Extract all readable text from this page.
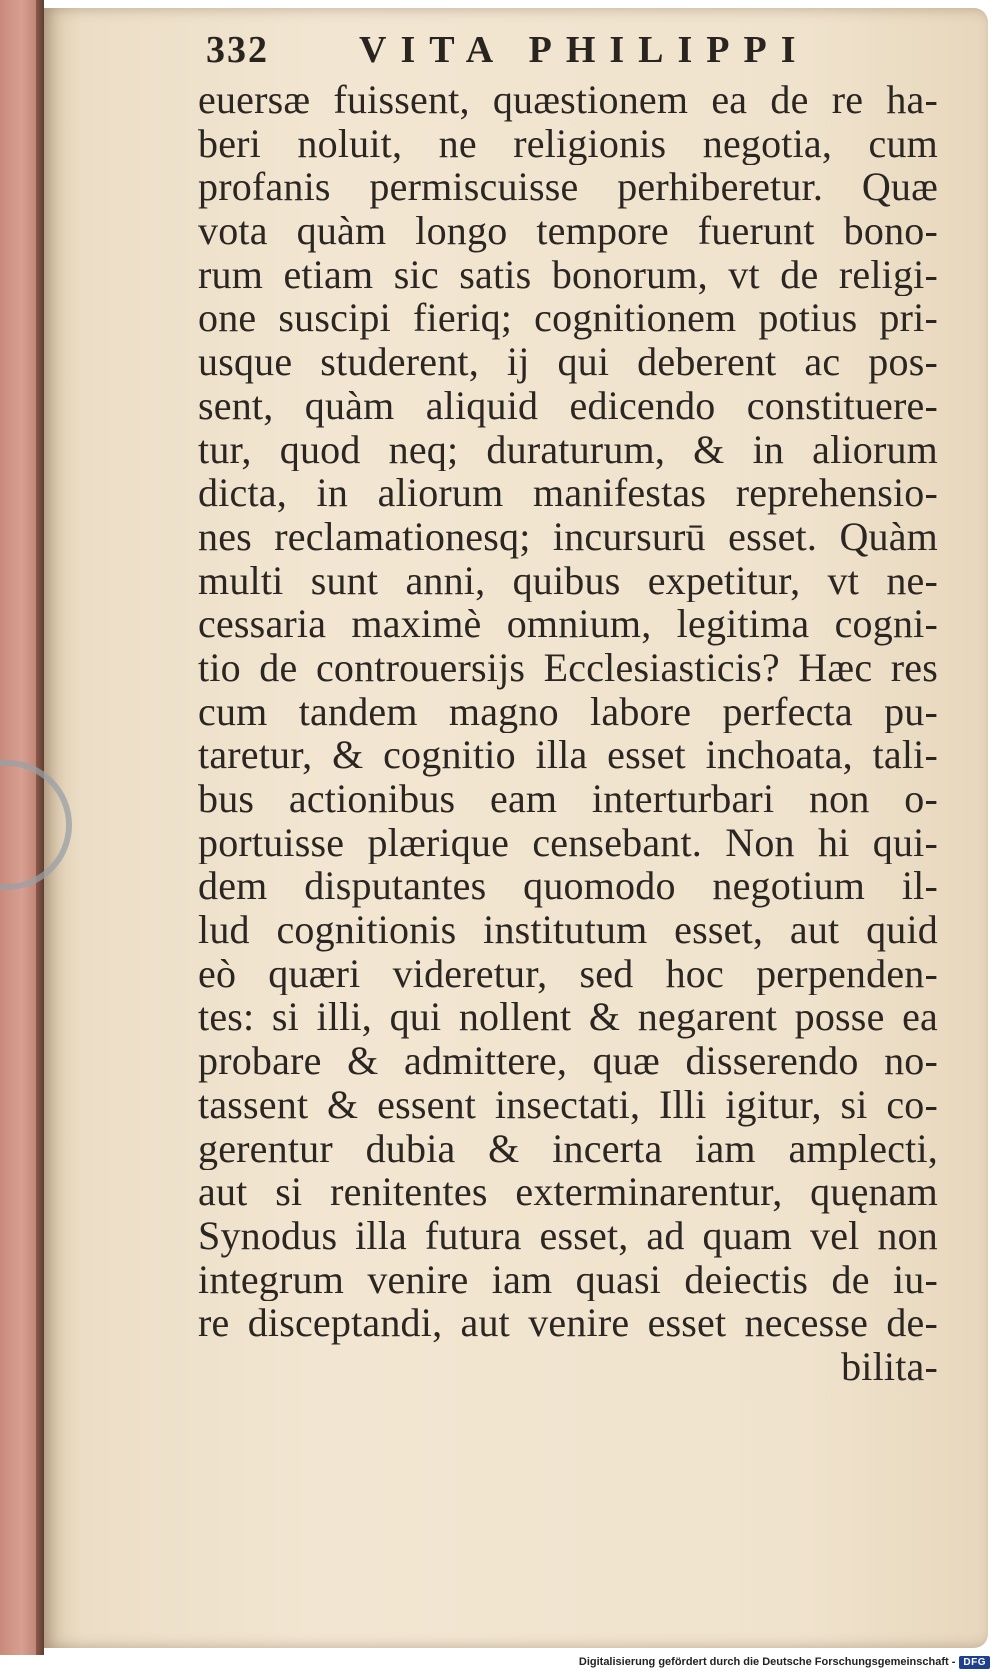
332 VITA PHILIPPI
euersæ fuissent, quæstionem ea de re ha-
beri noluit, ne religionis negotia, cum
profanis permiscuisse perhiberetur. Quæ
vota quàm longo tempore fuerunt bono-
rum etiam sic satis bonorum, vt de religi-
one suscipi fieriq; cognitionem potius pri-
usque studerent, ij qui deberent ac pos-
sent, quàm aliquid edicendo constituere-
tur, quod neq; duraturum, & in aliorum
dicta, in aliorum manifestas reprehensio-
nes reclamationesq; incursurū esset. Quàm
multi sunt anni, quibus expetitur, vt ne-
cessaria maximè omnium, legitima cogni-
tio de controuersijs Ecclesiasticis? Hæc res
cum tandem magno labore perfecta pu-
taretur, & cognitio illa esset inchoata, tali-
bus actionibus eam interturbari non o-
portuisse plærique censebant. Non hi qui-
dem disputantes quomodo negotium il-
lud cognitionis institutum esset, aut quid
eò quæri videretur, sed hoc perpenden-
tes: si illi, qui nollent & negarent posse ea
probare & admittere, quæ disserendo no-
tassent & essent insectati, Illi igitur, si co-
gerentur dubia & incerta iam amplecti,
aut si renitentes exterminarentur, quęnam
Synodus illa futura esset, ad quam vel non
integrum venire iam quasi deiectis de iu-
re disceptandi, aut venire esset necesse de-
bilita-
Digitalisierung gefördert durch die Deutsche Forschungsgemeinschaft - DFG
